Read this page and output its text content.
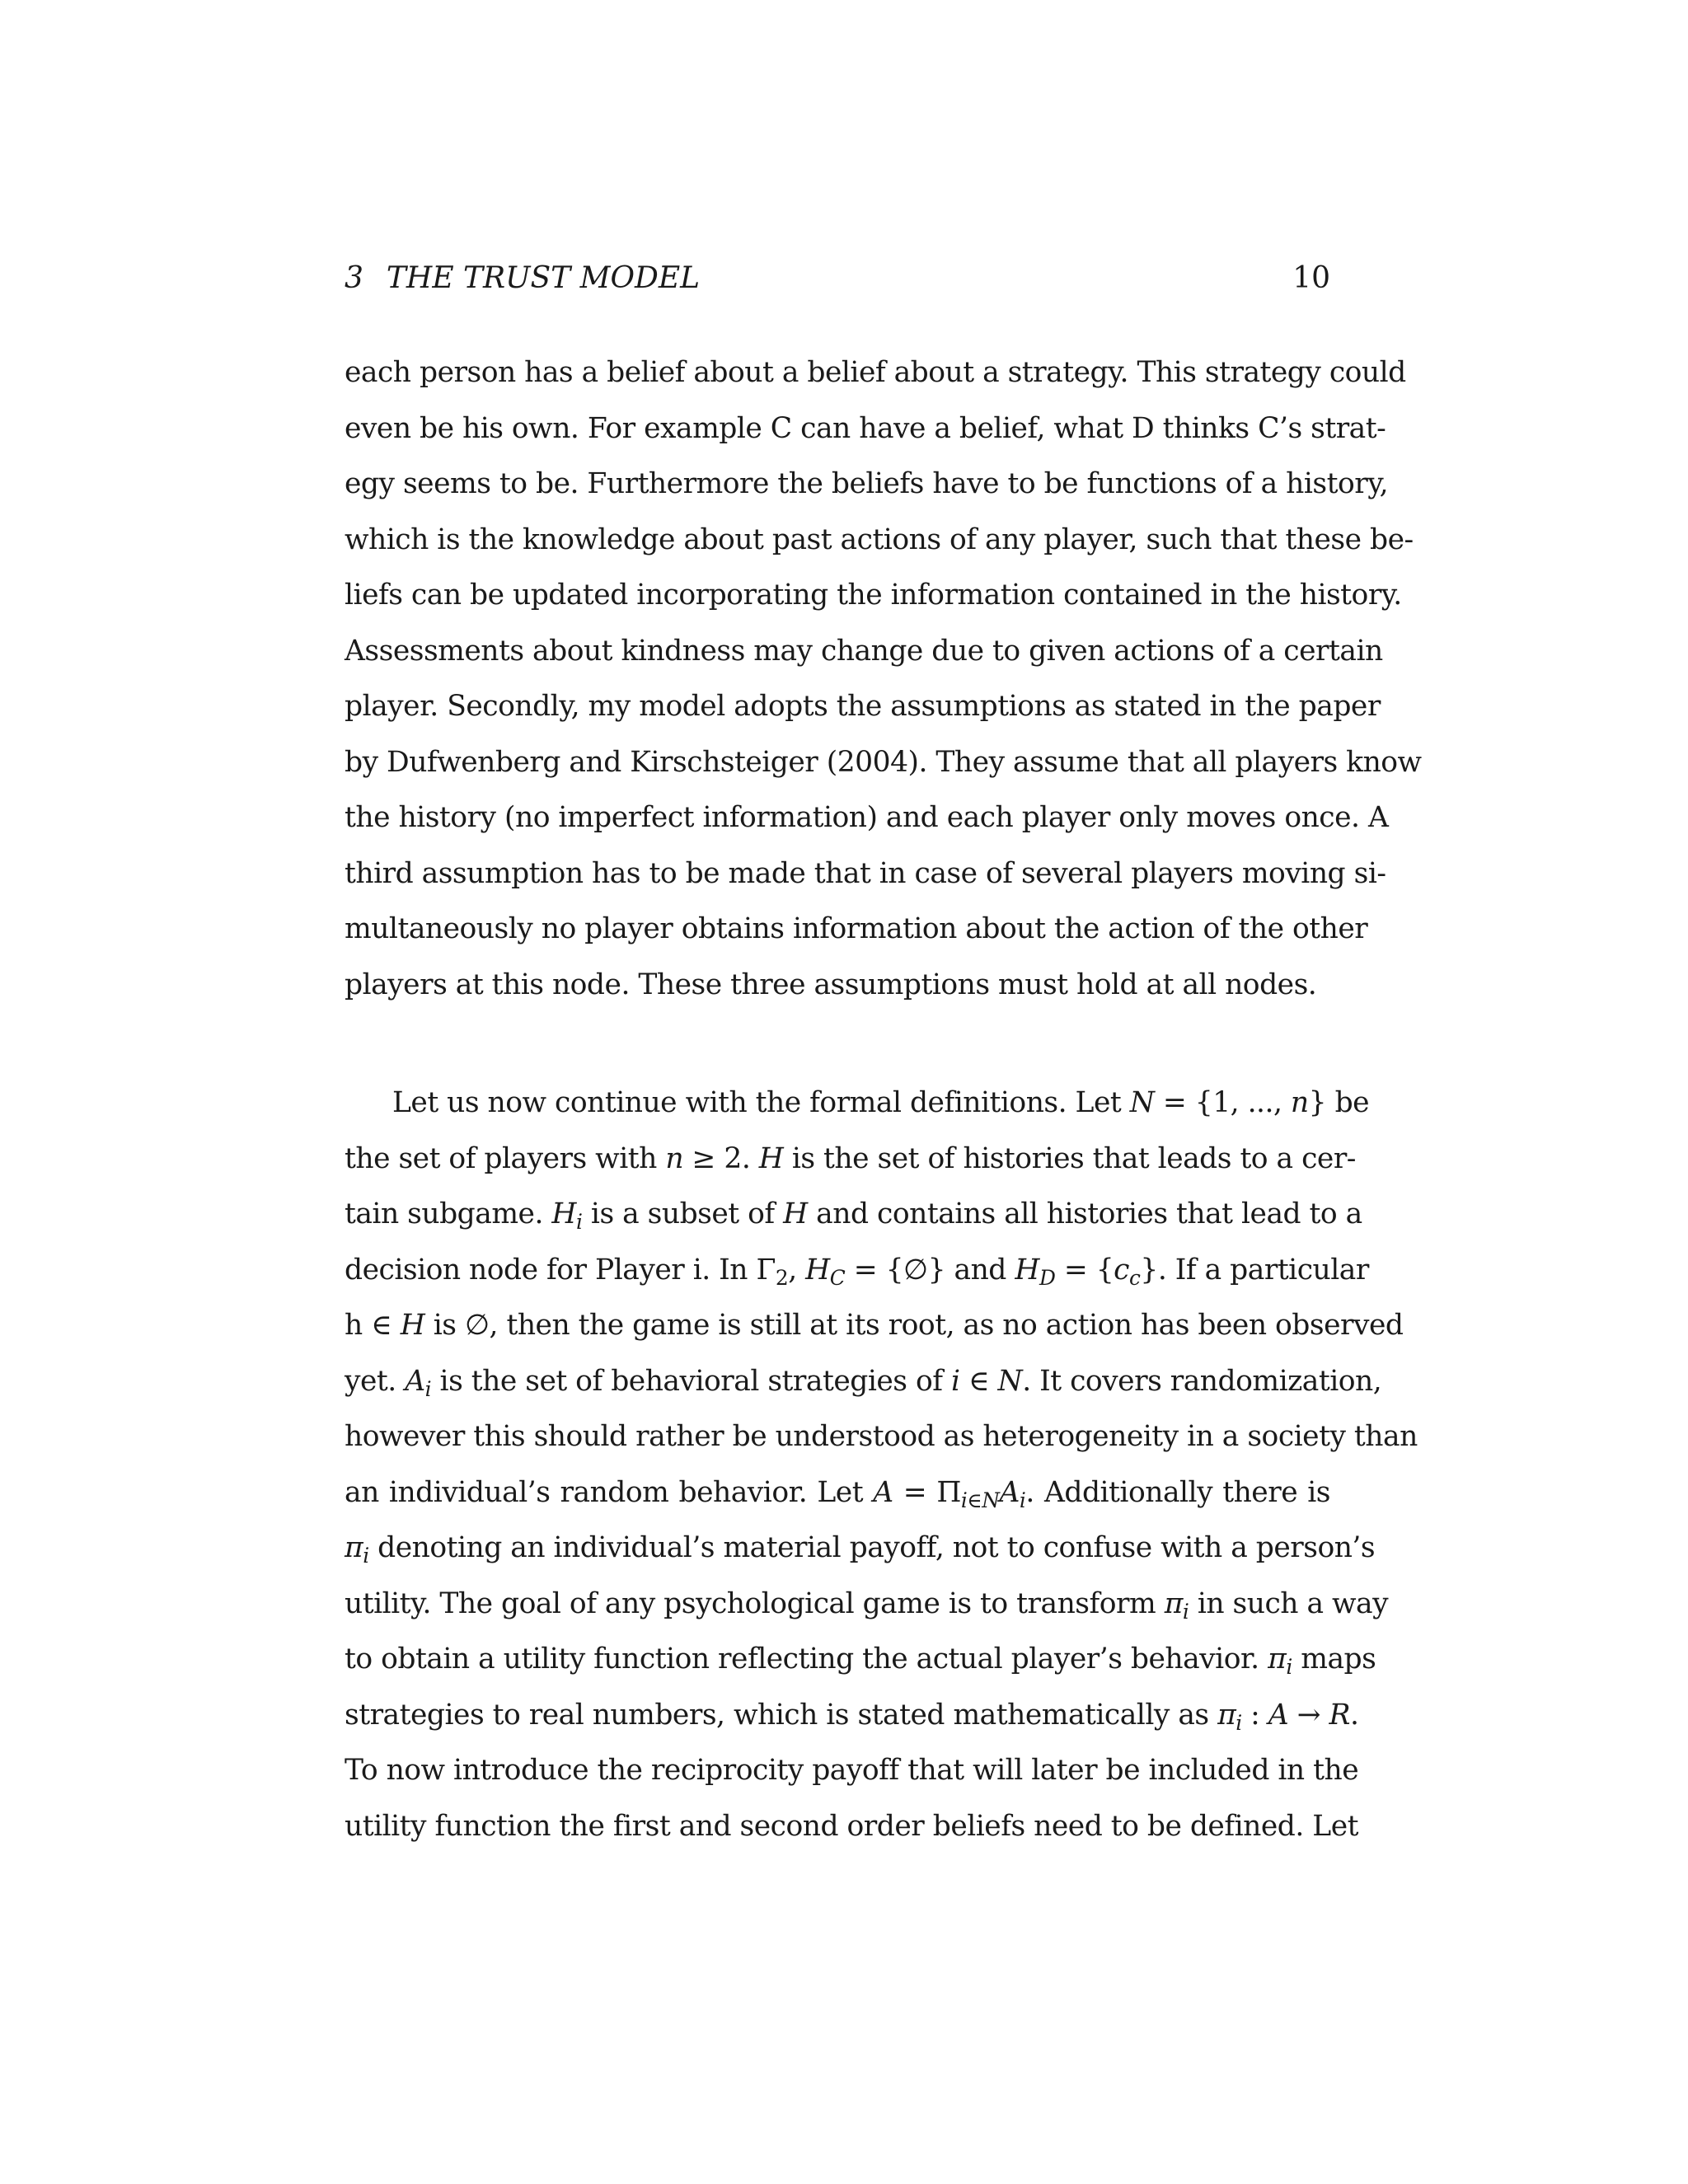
3 THE TRUST MODEL	10
each person has a belief about a belief about a strategy. This strategy could
even be his own. For example C can have a belief, what D thinks C’s strat-
egy seems to be. Furthermore the beliefs have to be functions of a history,
which is the knowledge about past actions of any player, such that these be-
liefs can be updated incorporating the information contained in the history.
Assessments about kindness may change due to given actions of a certain
player. Secondly, my model adopts the assumptions as stated in the paper
by Dufwenberg and Kirschsteiger (2004). They assume that all players know
the history (no imperfect information) and each player only moves once. A
third assumption has to be made that in case of several players moving si-
multaneously no player obtains information about the action of the other
players at this node. These three assumptions must hold at all nodes.
Let us now continue with the formal definitions. Let N = {1, ..., n} be
the set of players with n ≥ 2. H is the set of histories that leads to a cer-
tain subgame. $H_i$ is a subset of H and contains all histories that lead to a
decision node for Player i. In $\Gamma_2$, $H_C$ = {∅} and $H_D = \{c_c\}$. If a particular
h ∈ H is ∅, then the game is still at its root, as no action has been observed
yet. $A_i$ is the set of behavioral strategies of i ∈ N. It covers randomization,
however this should rather be understood as heterogeneity in a society than
an individual’s random behavior. Let $A = \Pi_{i\in N}A_i$. Additionally there is
$\pi_i$ denoting an individual’s material payoff, not to confuse with a person’s
utility. The goal of any psychological game is to transform $\pi_i$ in such a way
to obtain a utility function reflecting the actual player’s behavior. $\pi_i$ maps
strategies to real numbers, which is stated mathematically as $\pi_i$ : A → R.
To now introduce the reciprocity payoff that will later be included in the
utility function the first and second order beliefs need to be defined. Let
